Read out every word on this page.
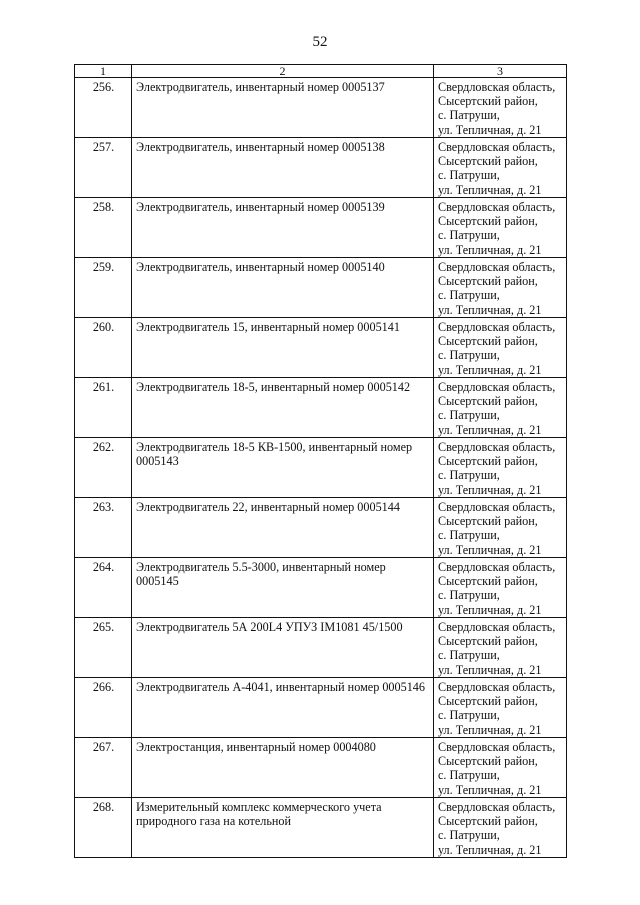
52
1	2	3
256.	Электродвигатель, инвентарный номер 0005137	Свердловская область,
Сысертский район,
с. Патруши,
ул. Тепличная, д. 21

257.	Электродвигатель, инвентарный номер 0005138	Свердловская область,
Сысертский район,
с. Патруши,
ул. Тепличная, д. 21

258.	Электродвигатель, инвентарный номер 0005139	Свердловская область,
Сысертский район,
с. Патруши,
ул. Тепличная, д. 21

259.	Электродвигатель, инвентарный номер 0005140	Свердловская область,
Сысертский район,
с. Патруши,
ул. Тепличная, д. 21

260.	Электродвигатель 15, инвентарный номер 0005141	Свердловская область,
Сысертский район,
с. Патруши,
ул. Тепличная, д. 21

261.	Электродвигатель 18-5, инвентарный номер 0005142	Свердловская область,
Сысертский район,
с. Патруши,
ул. Тепличная, д. 21

262.	Электродвигатель 18-5 КВ-1500, инвентарный номер 0005143	Свердловская область,
Сысертский район,
с. Патруши,
ул. Тепличная, д. 21

263.	Электродвигатель 22, инвентарный номер 0005144	Свердловская область,
Сысертский район,
с. Патруши,
ул. Тепличная, д. 21

264.	Электродвигатель 5.5-3000, инвентарный номер 0005145	Свердловская область,
Сысертский район,
с. Патруши,
ул. Тепличная, д. 21

265.	Электродвигатель 5А 200L4 УПУЗ IM1081 45/1500	Свердловская область,
Сысертский район,
с. Патруши,
ул. Тепличная, д. 21

266.	Электродвигатель А-4041, инвентарный номер 0005146	Свердловская область,
Сысертский район,
с. Патруши,
ул. Тепличная, д. 21

267.	Электростанция, инвентарный номер 0004080	Свердловская область,
Сысертский район,
с. Патруши,
ул. Тепличная, д. 21

268.	Измерительный комплекс коммерческого учета природного газа на котельной	Свердловская область,
Сысертский район,
с. Патруши,
ул. Тепличная, д. 21
